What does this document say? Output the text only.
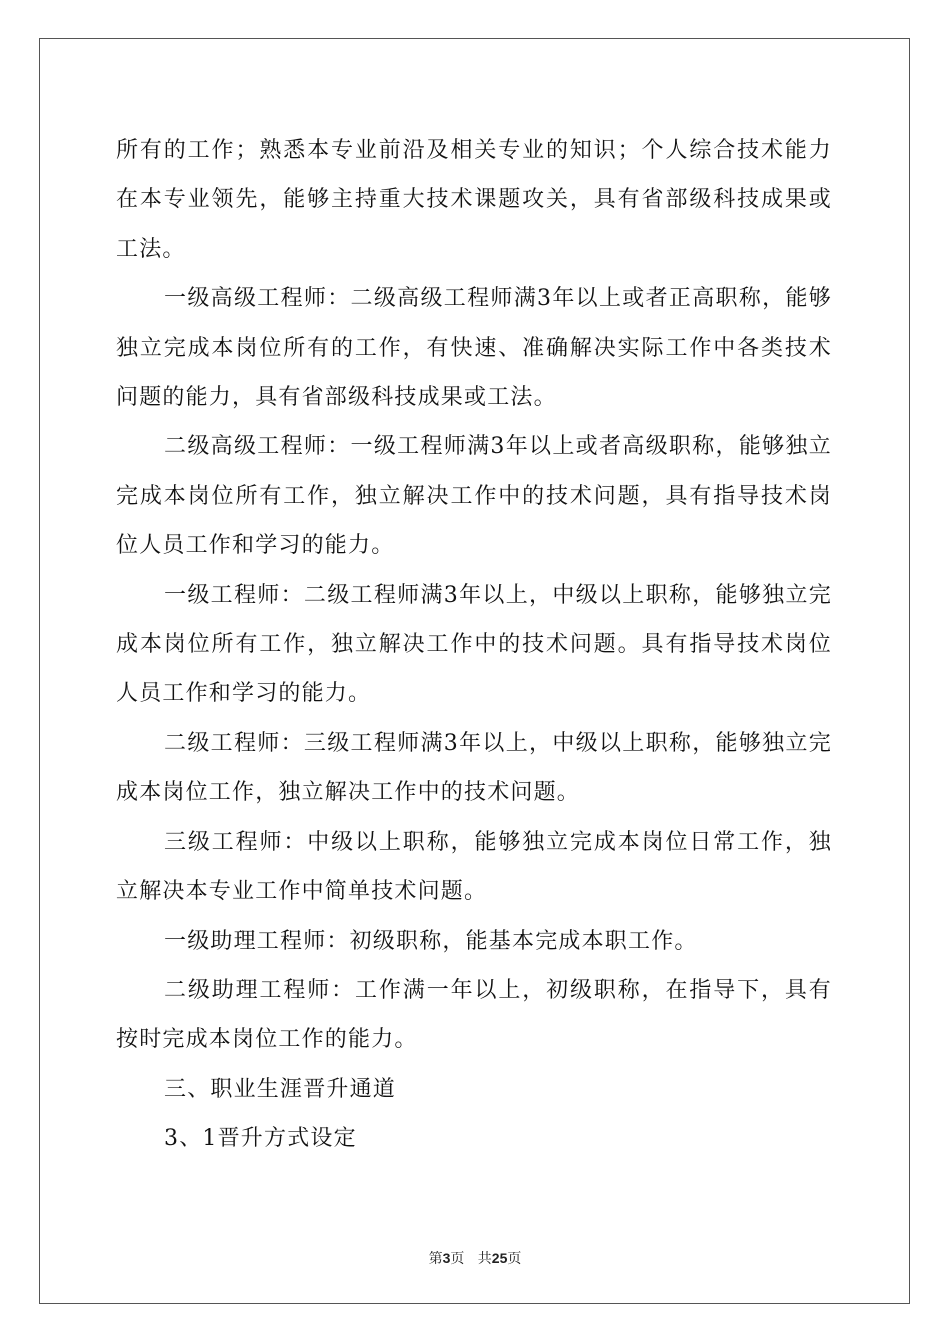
所有的工作；熟悉本专业前沿及相关专业的知识；个人综合技术能力在本专业领先，能够主持重大技术课题攻关，具有省部级科技成果或工法。

一级高级工程师：二级高级工程师满3年以上或者正高职称，能够独立完成本岗位所有的工作，有快速、准确解决实际工作中各类技术问题的能力，具有省部级科技成果或工法。

二级高级工程师：一级工程师满3年以上或者高级职称，能够独立完成本岗位所有工作，独立解决工作中的技术问题，具有指导技术岗位人员工作和学习的能力。

一级工程师：二级工程师满3年以上，中级以上职称，能够独立完成本岗位所有工作，独立解决工作中的技术问题。具有指导技术岗位人员工作和学习的能力。

二级工程师：三级工程师满3年以上，中级以上职称，能够独立完成本岗位工作，独立解决工作中的技术问题。

三级工程师：中级以上职称，能够独立完成本岗位日常工作，独立解决本专业工作中简单技术问题。

一级助理工程师：初级职称，能基本完成本职工作。

二级助理工程师：工作满一年以上，初级职称，在指导下，具有按时完成本岗位工作的能力。

三、职业生涯晋升通道

3、1晋升方式设定

第3页 共25页
